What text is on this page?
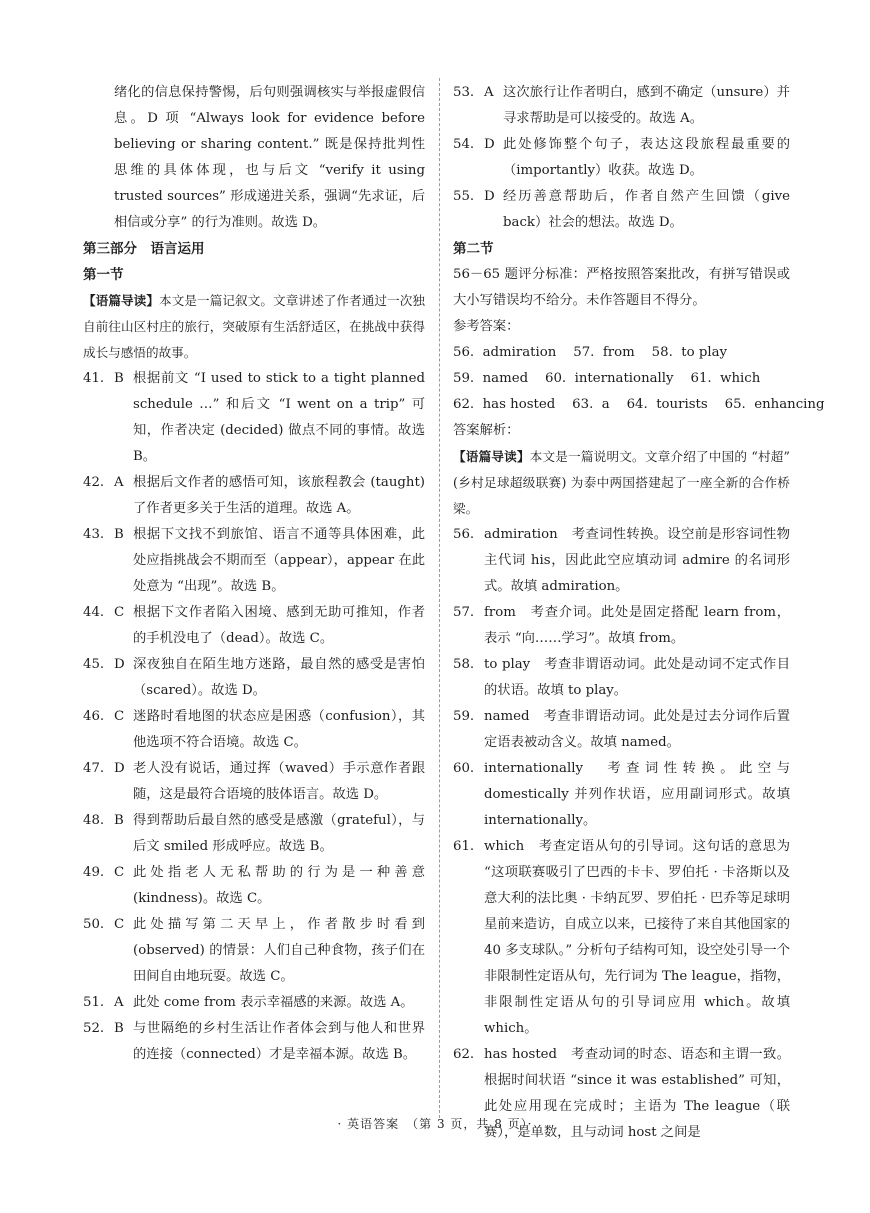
绪化的信息保持警惕，后句则强调核实与举报虚假信息。D 项 “Always look for evidence before believing or sharing content.” 既是保持批判性思维的具体体现，也与后文 “verify it using trusted sources” 形成递进关系，强调“先求证，后相信或分享” 的行为准则。故选 D。

第三部分　语言运用
第一节
【语篇导读】本文是一篇记叙文。文章讲述了作者通过一次独自前往山区村庄的旅行，突破原有生活舒适区，在挑战中获得成长与感悟的故事。
41. B 根据前文 “I used to stick to a tight planned schedule …” 和后文 “I went on a trip” 可知，作者决定 (decided) 做点不同的事情。故选 B。
42. A 根据后文作者的感悟可知，该旅程教会 (taught) 了作者更多关于生活的道理。故选 A。
43. B 根据下文找不到旅馆、语言不通等具体困难，此处应指挑战会不期而至（appear），appear 在此处意为 “出现”。故选 B。
44. C 根据下文作者陷入困境、感到无助可推知，作者的手机没电了（dead）。故选 C。
45. D 深夜独自在陌生地方迷路，最自然的感受是害怕（scared）。故选 D。
46. C 迷路时看地图的状态应是困惑（confusion），其他选项不符合语境。故选 C。
47. D 老人没有说话，通过挥（waved）手示意作者跟随，这是最符合语境的肢体语言。故选 D。
48. B 得到帮助后最自然的感受是感激（grateful），与后文 smiled 形成呼应。故选 B。
49. C 此处指老人无私帮助的行为是一种善意(kindness)。故选 C。
50. C 此处描写第二天早上，作者散步时看到(observed) 的情景：人们自己种食物，孩子们在田间自由地玩耍。故选 C。
51. A 此处 come from 表示幸福感的来源。故选 A。
52. B 与世隔绝的乡村生活让作者体会到与他人和世界的连接（connected）才是幸福本源。故选 B。
53. A 这次旅行让作者明白，感到不确定（unsure）并寻求帮助是可以接受的。故选 A。
54. D 此处修饰整个句子，表达这段旅程最重要的（importantly）收获。故选 D。
55. D 经历善意帮助后，作者自然产生回馈（give back）社会的想法。故选 D。
第二节

56－65 题评分标准：严格按照答案批改，有拼写错误或大小写错误均不给分。未作答题目不得分。

参考答案：

56.  admiration    57.  from    58.  to play
59.  named    60.  internationally    61.  which
62.  has hosted    63.  a    64.  tourists    65.  enhancing

答案解析：

【语篇导读】本文是一篇说明文。文章介绍了中国的 “村超” (乡村足球超级联赛) 为泰中两国搭建起了一座全新的合作桥梁。
56. admiration　考查词性转换。设空前是形容词性物主代词 his，因此此空应填动词 admire 的名词形式。故填 admiration。
57. from　考查介词。此处是固定搭配 learn from，表示 “向……学习”。故填 from。
58. to play　考查非谓语动词。此处是动词不定式作目的状语。故填 to play。
59. named　考查非谓语动词。此处是过去分词作后置定语表被动含义。故填 named。
60. internationally　考查词性转换。此空与 domestically 并列作状语，应用副词形式。故填 internationally。
61. which　考查定语从句的引导词。这句话的意思为 “这项联赛吸引了巴西的卡卡、罗伯托 · 卡洛斯以及意大利的法比奥 · 卡纳瓦罗、罗伯托 · 巴乔等足球明星前来造访，自成立以来，已接待了来自其他国家的 40 多支球队。” 分析句子结构可知，设空处引导一个非限制性定语从句，先行词为 The league，指物，非限制性定语从句的引导词应用 which。故填 which。
62. has hosted　考查动词的时态、语态和主谓一致。根据时间状语 “since it was established” 可知，此处应用现在完成时；主语为 The league（联赛），是单数，且与动词 host 之间是
· 英语答案　（第 3 页，共 8 页）·
